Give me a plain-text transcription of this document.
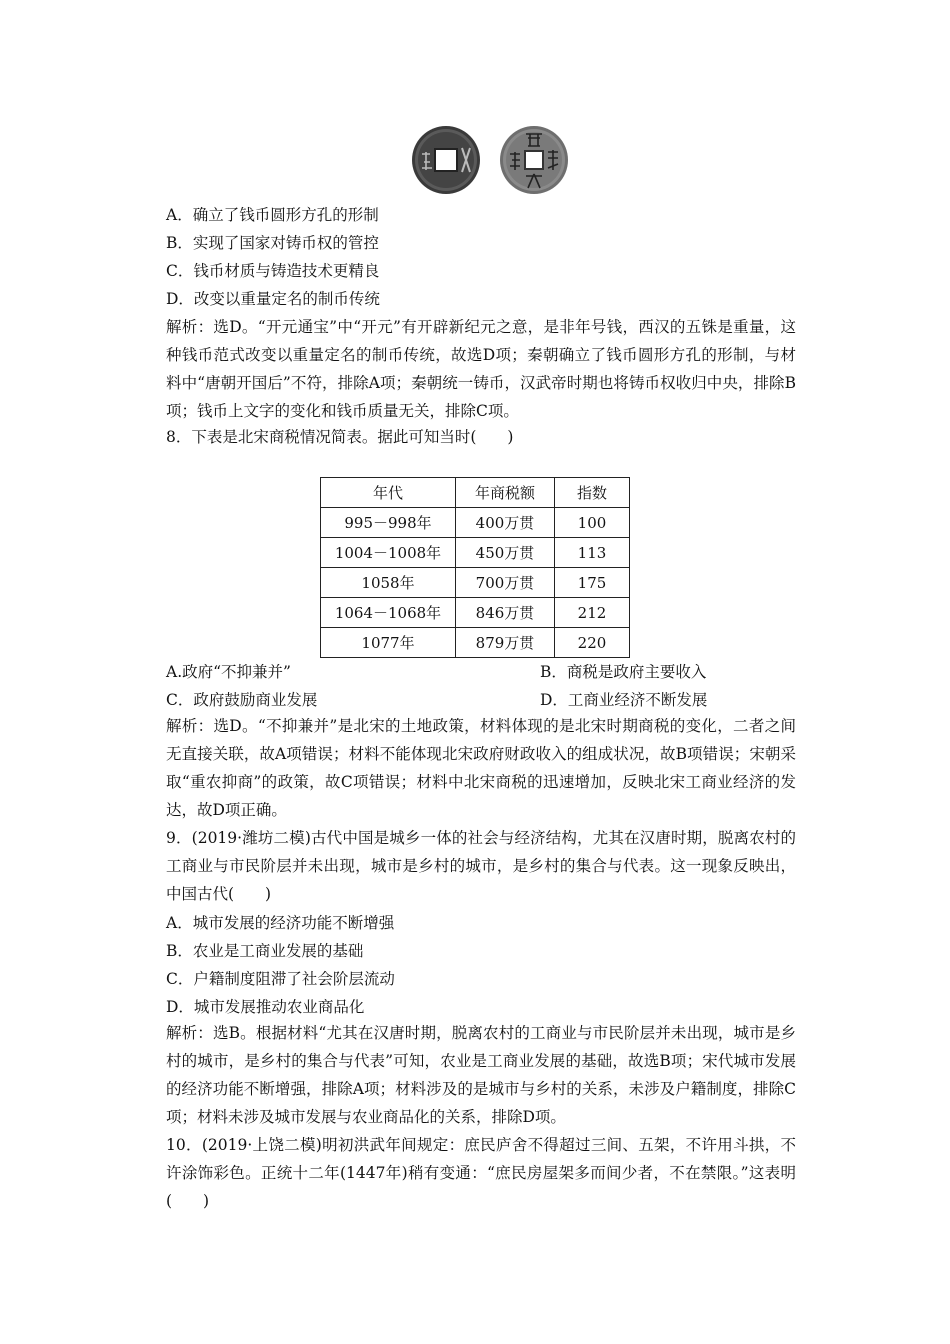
A．确立了钱币圆形方孔的形制
B．实现了国家对铸币权的管控
C．钱币材质与铸造技术更精良
D．改变以重量定名的制币传统
解析：选D。“开元通宝”中“开元”有开辟新纪元之意，是非年号钱，西汉的五铢是重量，这种钱币范式改变以重量定名的制币传统，故选D项；秦朝确立了钱币圆形方孔的形制，与材料中“唐朝开国后”不符，排除A项；秦朝统一铸币，汉武帝时期也将铸币权收归中央，排除B项；钱币上文字的变化和钱币质量无关，排除C项。
8．下表是北宋商税情况简表。据此可知当时(　　)
年代	年商税额	指数
995－998年	400万贯	100
1004－1008年	450万贯	113
1058年	700万贯	175
1064－1068年	846万贯	212
1077年	879万贯	220
A.政府“不抑兼并”	B．商税是政府主要收入
C．政府鼓励商业发展	D．工商业经济不断发展
解析：选D。“不抑兼并”是北宋的土地政策，材料体现的是北宋时期商税的变化，二者之间无直接关联，故A项错误；材料不能体现北宋政府财政收入的组成状况，故B项错误；宋朝采取“重农抑商”的政策，故C项错误；材料中北宋商税的迅速增加，反映北宋工商业经济的发达，故D项正确。
9．(2019·潍坊二模)古代中国是城乡一体的社会与经济结构，尤其在汉唐时期，脱离农村的工商业与市民阶层并未出现，城市是乡村的城市，是乡村的集合与代表。这一现象反映出，中国古代(　　)
A．城市发展的经济功能不断增强
B．农业是工商业发展的基础
C．户籍制度阻滞了社会阶层流动
D．城市发展推动农业商品化
解析：选B。根据材料“尤其在汉唐时期，脱离农村的工商业与市民阶层并未出现，城市是乡村的城市，是乡村的集合与代表”可知，农业是工商业发展的基础，故选B项；宋代城市发展的经济功能不断增强，排除A项；材料涉及的是城市与乡村的关系，未涉及户籍制度，排除C项；材料未涉及城市发展与农业商品化的关系，排除D项。
10．(2019·上饶二模)明初洪武年间规定：庶民庐舍不得超过三间、五架，不许用斗拱，不许涂饰彩色。正统十二年(1447年)稍有变通：“庶民房屋架多而间少者，不在禁限。”这表明(　　)
